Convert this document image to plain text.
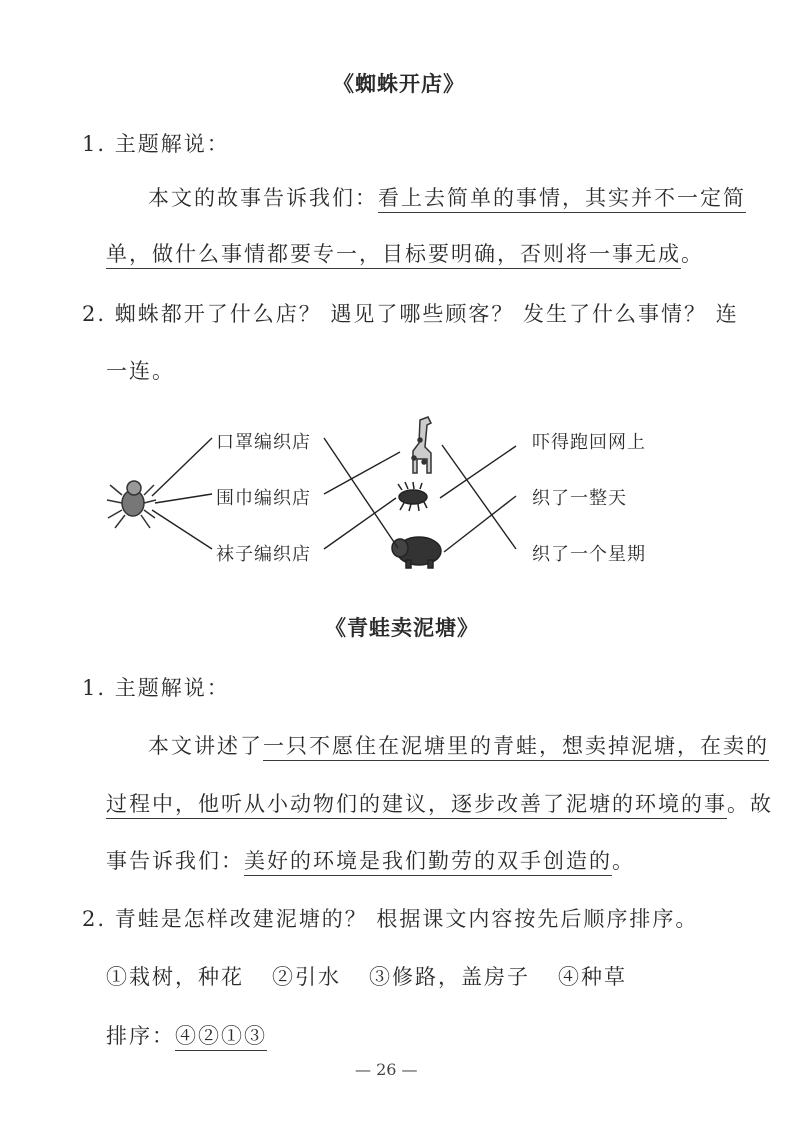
《蜘蛛开店》
1. 主题解说：
本文的故事告诉我们：看上去简单的事情，其实并不一定简
单，做什么事情都要专一，目标要明确，否则将一事无成。
2. 蜘蛛都开了什么店？ 遇见了哪些顾客？ 发生了什么事情？ 连
一连。
口罩编织店
围巾编织店
袜子编织店
吓得跑回网上
织了一整天
织了一个星期
《青蛙卖泥塘》
1. 主题解说：
本文讲述了一只不愿住在泥塘里的青蛙，想卖掉泥塘，在卖的
过程中，他听从小动物们的建议，逐步改善了泥塘的环境的事。故
事告诉我们：美好的环境是我们勤劳的双手创造的。
2. 青蛙是怎样改建泥塘的？ 根据课文内容按先后顺序排序。
①栽树，种花 ②引水 ③修路，盖房子 ④种草
排序：④②①③
— 26 —
